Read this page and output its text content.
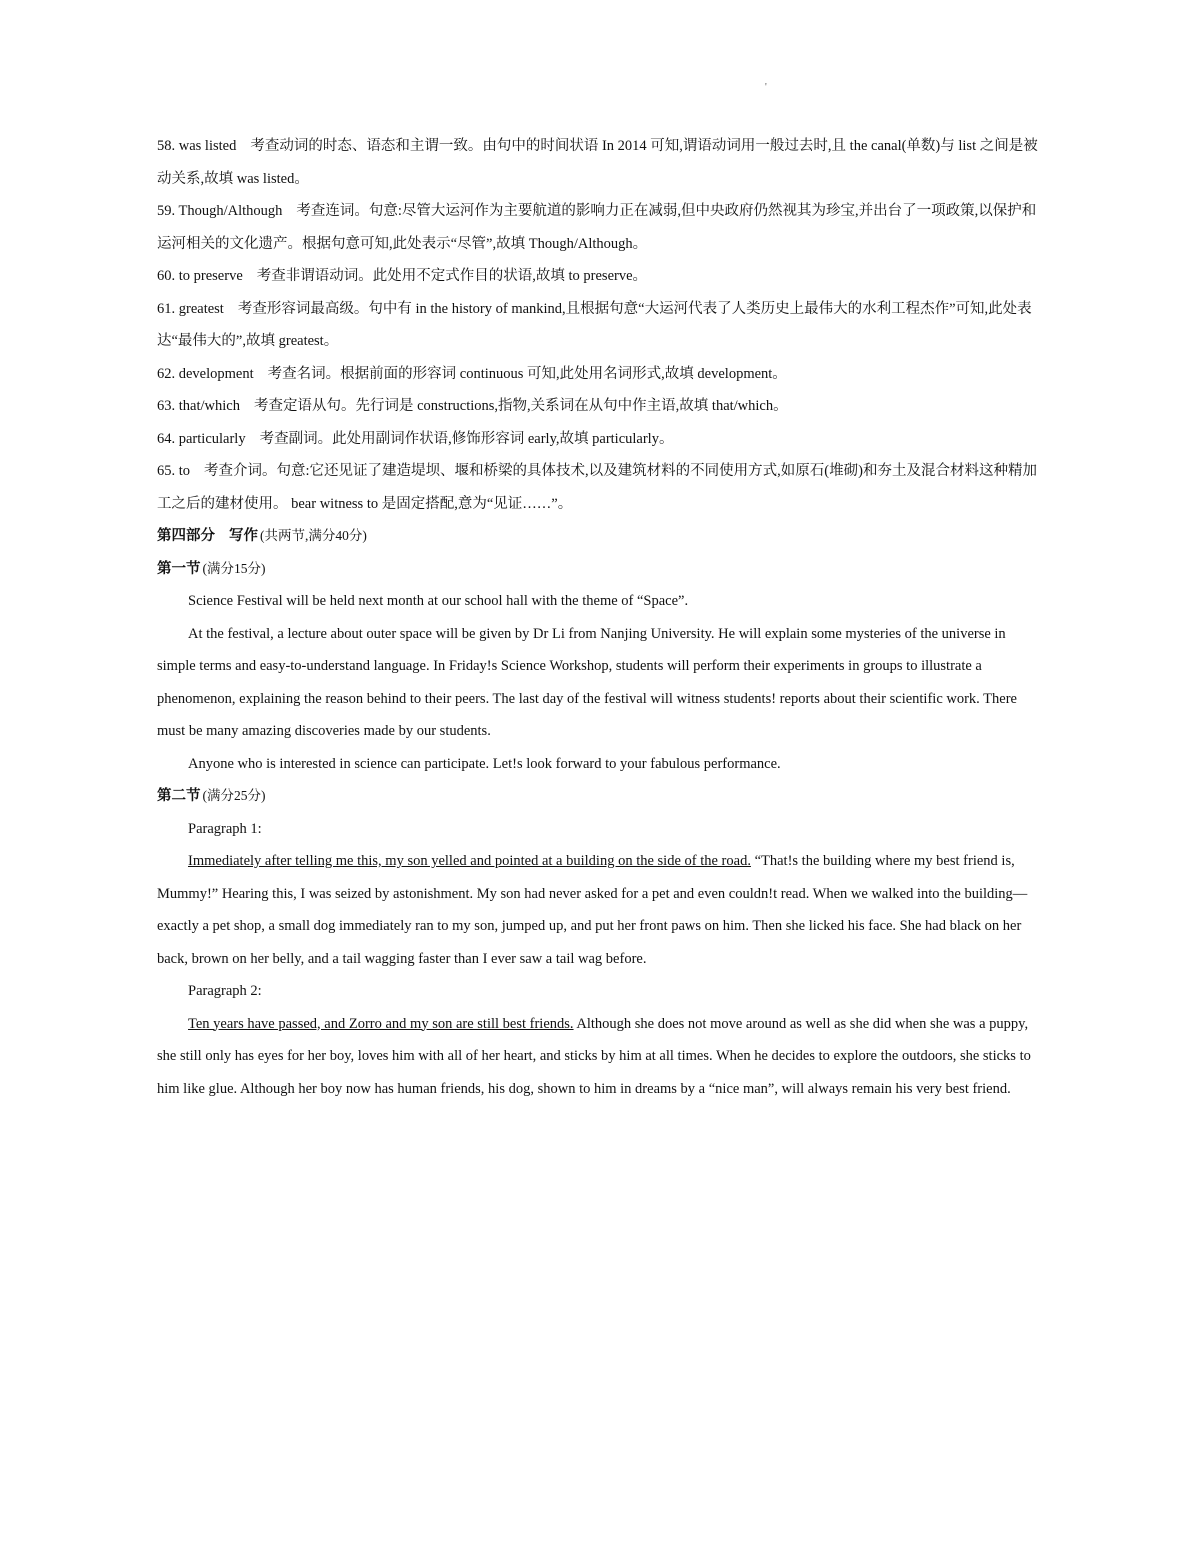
'

58. was listed 考查动词的时态、语态和主谓一致。由句中的时间状语 In 2014 可知,谓语动词用一般过去时,且 the canal(单数)与 list 之间是被动关系,故填 was listed。

59. Though/Although 考查连词。句意:尽管大运河作为主要航道的影响力正在减弱,但中央政府仍然视其为珍宝,并出台了一项政策,以保护和运河相关的文化遗产。根据句意可知,此处表示“尽管”,故填 Though/Although。

60. to preserve 考查非谓语动词。此处用不定式作目的状语,故填 to preserve。

61. greatest 考查形容词最高级。句中有 in the history of mankind,且根据句意“大运河代表了人类历史上最伟大的水利工程杰作”可知,此处表达“最伟大的”,故填 greatest。

62. development 考查名词。根据前面的形容词 continuous 可知,此处用名词形式,故填 development。

63. that/which 考查定语从句。先行词是 constructions,指物,关系词在从句中作主语,故填 that/which。

64. particularly 考查副词。此处用副词作状语,修饰形容词 early,故填 particularly。

65. to 考查介词。句意:它还见证了建造堤坝、堰和桥梁的具体技术,以及建筑材料的不同使用方式,如原石(堆砌)和夯土及混合材料这种精加工之后的建材使用。 bear witness to 是固定搭配,意为“见证……”。

第四部分 写作 (共两节,满分40分)

第一节 (满分15分)

Science Festival will be held next month at our school hall with the theme of “Space”.

At the festival, a lecture about outer space will be given by Dr Li from Nanjing University. He will explain some mysteries of the universe in simple terms and easy-to-understand language. In Friday!s Science Workshop, students will perform their experiments in groups to illustrate a phenomenon, explaining the reason behind to their peers. The last day of the festival will witness students! reports about their scientific work. There must be many amazing discoveries made by our students.

Anyone who is interested in science can participate. Let!s look forward to your fabulous performance.

第二节 (满分25分)

Paragraph 1:

Immediately after telling me this, my son yelled and pointed at a building on the side of the road. “That!s the building where my best friend is, Mummy!” Hearing this, I was seized by astonishment. My son had never asked for a pet and even couldn!t read. When we walked into the building—exactly a pet shop, a small dog immediately ran to my son, jumped up, and put her front paws on him. Then she licked his face. She had black on her back, brown on her belly, and a tail wagging faster than I ever saw a tail wag before.

Paragraph 2:

Ten years have passed, and Zorro and my son are still best friends. Although she does not move around as well as she did when she was a puppy, she still only has eyes for her boy, loves him with all of her heart, and sticks by him at all times. When he decides to explore the outdoors, she sticks to him like glue. Although her boy now has human friends, his dog, shown to him in dreams by a “nice man”, will always remain his very best friend.
